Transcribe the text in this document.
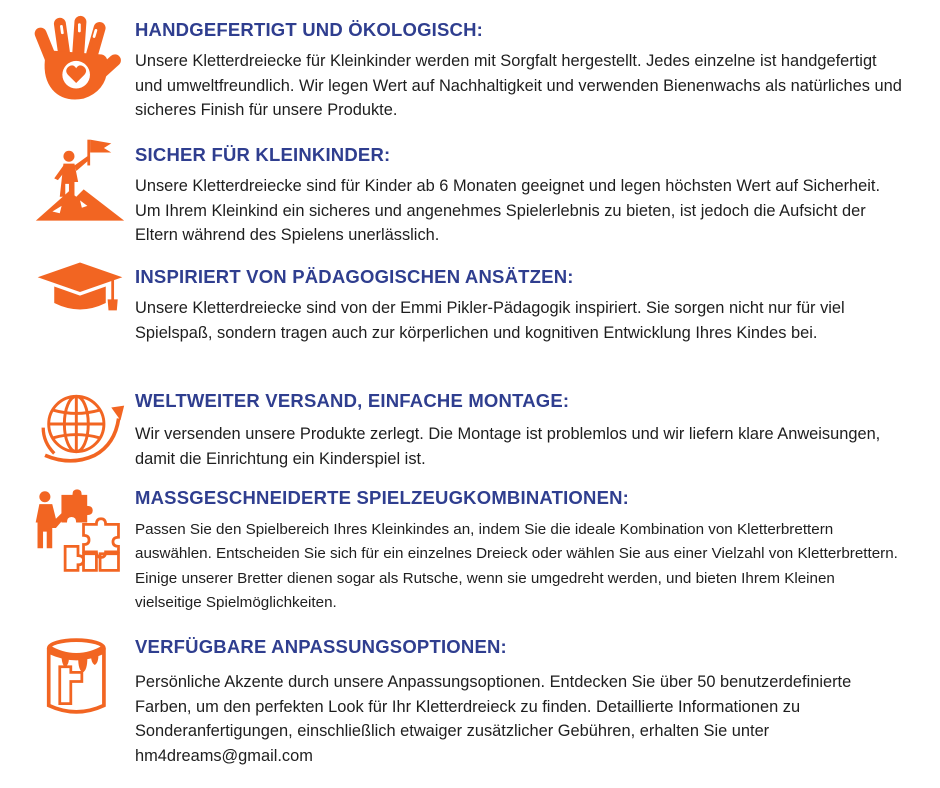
HANDGEFERTIGT UND ÖKOLOGISCH:

Unsere Kletterdreiecke für Kleinkinder werden mit Sorgfalt hergestellt. Jedes einzelne ist handgefertigt und umweltfreundlich. Wir legen Wert auf Nachhaltigkeit und verwenden Bienenwachs als natürliches und sicheres Finish für unsere Produkte.

SICHER FÜR KLEINKINDER:

Unsere Kletterdreiecke sind für Kinder ab 6 Monaten geeignet und legen höchsten Wert auf Sicherheit. Um Ihrem Kleinkind ein sicheres und angenehmes Spielerlebnis zu bieten, ist jedoch die Aufsicht der Eltern während des Spielens unerlässlich.

INSPIRIERT VON PÄDAGOGISCHEN ANSÄTZEN:

Unsere Kletterdreiecke sind von der Emmi Pikler-Pädagogik inspiriert. Sie sorgen nicht nur für viel Spielspaß, sondern tragen auch zur körperlichen und kognitiven Entwicklung Ihres Kindes bei.

WELTWEITER VERSAND, EINFACHE MONTAGE:

Wir versenden unsere Produkte zerlegt. Die Montage ist problemlos und wir liefern klare Anweisungen, damit die Einrichtung ein Kinderspiel ist.

MASSGESCHNEIDERTE SPIELZEUGKOMBINATIONEN:

Passen Sie den Spielbereich Ihres Kleinkindes an, indem Sie die ideale Kombination von Kletterbrettern auswählen. Entscheiden Sie sich für ein einzelnes Dreieck oder wählen Sie aus einer Vielzahl von Kletterbrettern. Einige unserer Bretter dienen sogar als Rutsche, wenn sie umgedreht werden, und bieten Ihrem Kleinen vielseitige Spielmöglichkeiten.

VERFÜGBARE ANPASSUNGSOPTIONEN:

Persönliche Akzente durch unsere Anpassungsoptionen. Entdecken Sie über 50 benutzerdefinierte Farben, um den perfekten Look für Ihr Kletterdreieck zu finden. Detaillierte Informationen zu Sonderanfertigungen, einschließlich etwaiger zusätzlicher Gebühren, erhalten Sie unter hm4dreams@gmail.com
